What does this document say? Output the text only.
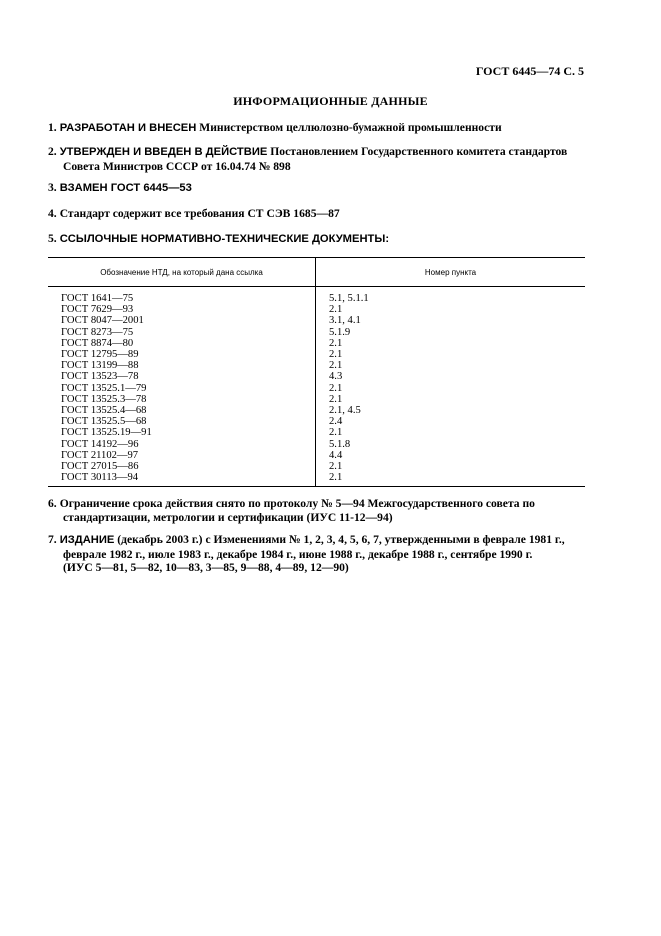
ГОСТ 6445—74 С. 5
ИНФОРМАЦИОННЫЕ ДАННЫЕ
1. РАЗРАБОТАН И ВНЕСЕН Министерством целлюлозно-бумажной промышленности
2. УТВЕРЖДЕН И ВВЕДЕН В ДЕЙСТВИЕ Постановлением Государственного комитета стандартов
Совета Министров СССР от 16.04.74 № 898
3. ВЗАМЕН ГОСТ 6445—53
4. Стандарт содержит все требования СТ СЭВ 1685—87
5. ССЫЛОЧНЫЕ НОРМАТИВНО-ТЕХНИЧЕСКИЕ ДОКУМЕНТЫ:
Обозначение НТД, на который дана ссылка	Номер пункта

ГОСТ 1641—75	5.1, 5.1.1
ГОСТ 7629—93	2.1
ГОСТ 8047—2001	3.1, 4.1
ГОСТ 8273—75	5.1.9
ГОСТ 8874—80	2.1
ГОСТ 12795—89	2.1
ГОСТ 13199—88	2.1
ГОСТ 13523—78	4.3
ГОСТ 13525.1—79	2.1
ГОСТ 13525.3—78	2.1
ГОСТ 13525.4—68	2.1, 4.5
ГОСТ 13525.5—68	2.4
ГОСТ 13525.19—91	2.1
ГОСТ 14192—96	5.1.8
ГОСТ 21102—97	4.4
ГОСТ 27015—86	2.1
ГОСТ 30113—94	2.1

6. Ограничение срока действия снято по протоколу № 5—94 Межгосударственного совета по
стандартизации, метрологии и сертификации (ИУС 11-12—94)
7. ИЗДАНИЕ (декабрь 2003 г.) с Изменениями № 1, 2, 3, 4, 5, 6, 7, утвержденными в феврале 1981 г.,
феврале 1982 г., июле 1983 г., декабре 1984 г., июне 1988 г., декабре 1988 г., сентябре 1990 г.
(ИУС 5—81, 5—82, 10—83, 3—85, 9—88, 4—89, 12—90)
